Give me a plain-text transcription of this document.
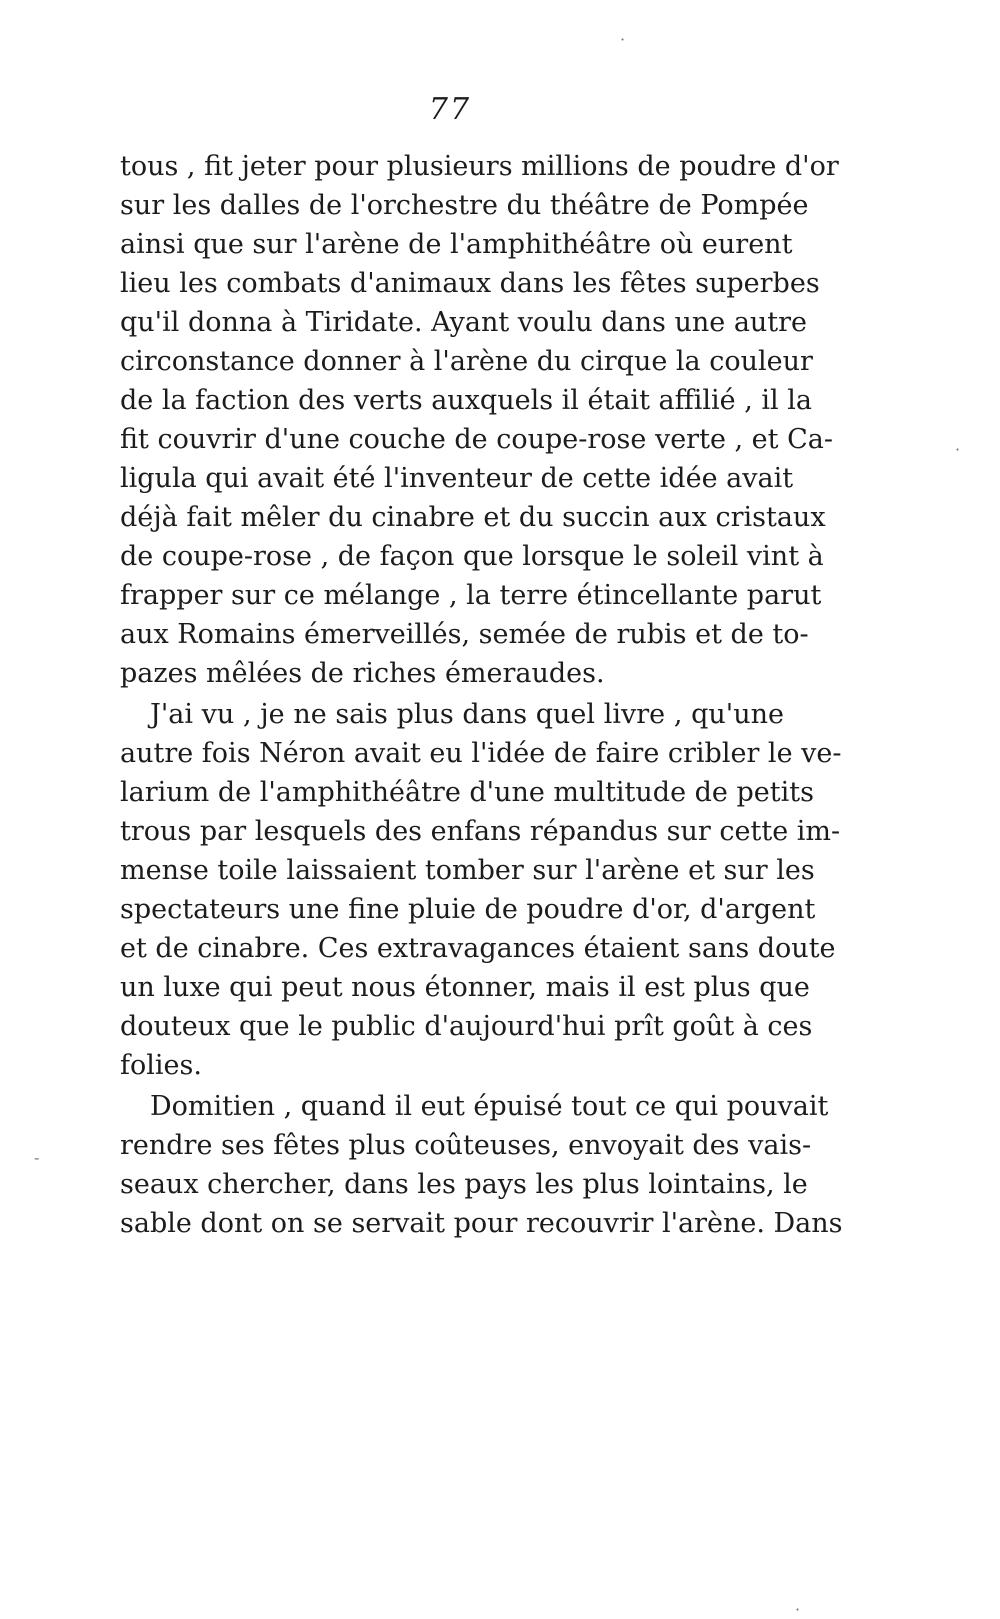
77
tous , fit jeter pour plusieurs millions de poudre d'or
sur les dalles de l'orchestre du théâtre de Pompée
ainsi que sur l'arène de l'amphithéâtre où eurent
lieu les combats d'animaux dans les fêtes superbes
qu'il donna à Tiridate. Ayant voulu dans une autre
circonstance donner à l'arène du cirque la couleur
de la faction des verts auxquels il était affilié , il la
fit couvrir d'une couche de coupe-rose verte , et Ca-
ligula qui avait été l'inventeur de cette idée avait
déjà fait mêler du cinabre et du succin aux cristaux
de coupe-rose , de façon que lorsque le soleil vint à
frapper sur ce mélange , la terre étincellante parut
aux Romains émerveillés, semée de rubis et de to-
pazes mêlées de riches émeraudes.
J'ai vu , je ne sais plus dans quel livre , qu'une
autre fois Néron avait eu l'idée de faire cribler le ve-
larium de l'amphithéâtre d'une multitude de petits
trous par lesquels des enfans répandus sur cette im-
mense toile laissaient tomber sur l'arène et sur les
spectateurs une fine pluie de poudre d'or, d'argent
et de cinabre. Ces extravagances étaient sans doute
un luxe qui peut nous étonner, mais il est plus que
douteux que le public d'aujourd'hui prît goût à ces
folies.
Domitien , quand il eut épuisé tout ce qui pouvait
rendre ses fêtes plus coûteuses, envoyait des vais-
seaux chercher, dans les pays les plus lointains, le
sable dont on se servait pour recouvrir l'arène. Dans
·
·
-
·
